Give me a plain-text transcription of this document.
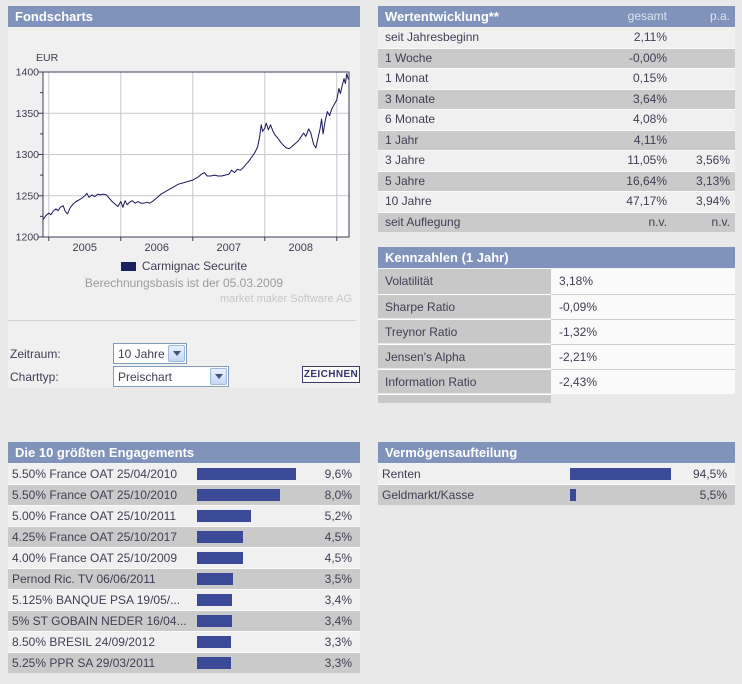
Fondscharts
1200
1250
1300
1350
1400
2005	2006	2007	2008
EUR
Carmignac Securite
Berechnungsbasis ist der 05.03.2009
market maker Software AG
Zeitraum:	10 Jahre
Charttyp:	Preischart	ZEICHNEN
Wertentwicklung**	gesamt	p.a.
seit Jahresbeginn	2,11%
1 Woche	-0,00%
1 Monat	0,15%
3 Monate	3,64%
6 Monate	4,08%
1 Jahr	4,11%
3 Jahre	11,05%	3,56%
5 Jahre	16,64%	3,13%
10 Jahre	47,17%	3,94%
seit Auflegung	n.v.	n.v.
Kennzahlen (1 Jahr)
Volatilität	3,18%
Sharpe Ratio	-0,09%
Treynor Ratio	-1,32%
Jensen's Alpha	-2,21%
Information Ratio	-2,43%
Die 10 größten Engagements
5.50% France OAT 25/04/2010	9,6%
5.50% France OAT 25/10/2010	8,0%
5.00% France OAT 25/10/2011	5,2%
4.25% France OAT 25/10/2017	4,5%
4.00% France OAT 25/10/2009	4,5%
Pernod Ric. TV 06/06/2011	3,5%
5.125% BANQUE PSA 19/05/...	3,4%
5% ST GOBAIN NEDER 16/04...	3,4%
8.50% BRESIL 24/09/2012	3,3%
5.25% PPR SA 29/03/2011	3,3%
Vermögensaufteilung
Renten	94,5%
Geldmarkt/Kasse	5,5%
